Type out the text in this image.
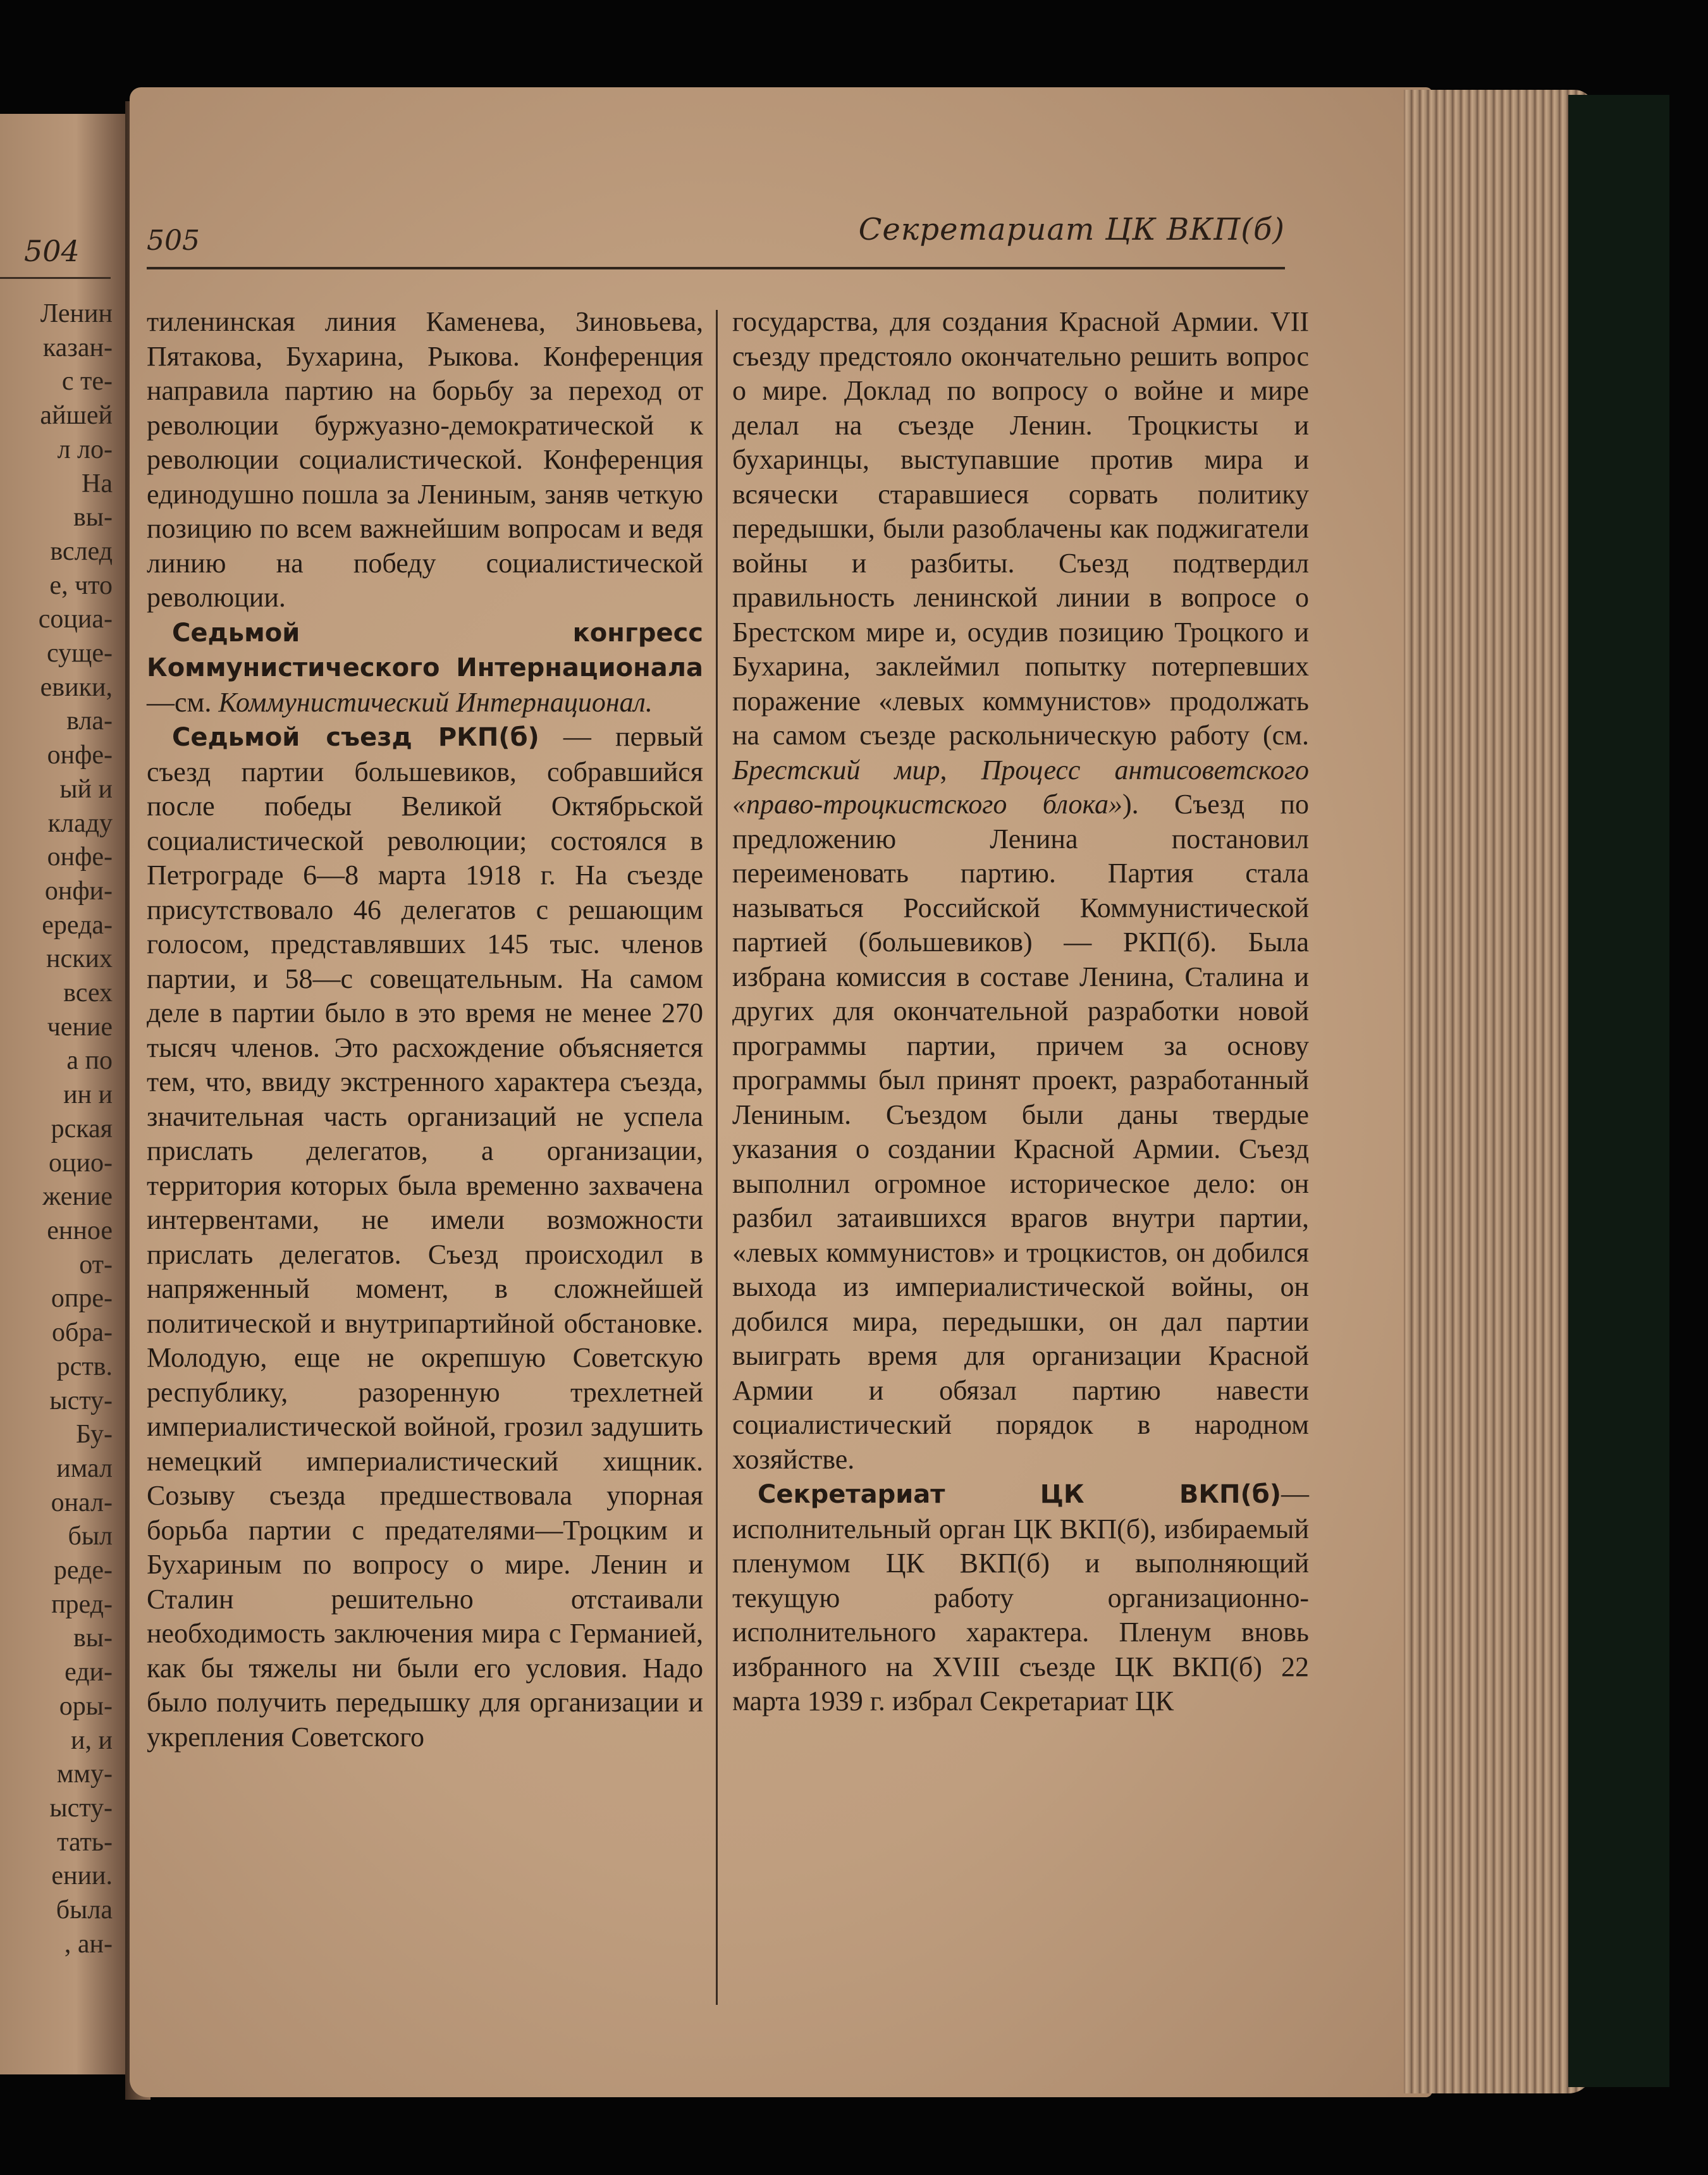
504
Ленин
казан-
с те-
айшей
л ло-
На
вы-
вслед
е, что
социа-
суще-
евики,
вла-
онфе-
ый и
кладу
онфе-
онфи-
ереда-
нских
всех
чение
а по
ин и
рская
оцио-
жение
енное
от-
опре-
обра-
рств.
ысту-
Бу-
имал
онал-
был
реде-
пред-
вы-
еди-
оры-
и, и
мму-
ысту-
тать-
ении.
была
, ан-
505	Секретариат ЦК ВКП(б)

тиленинская линия Каменева, Зиновьева, Пятакова, Бухарина, Рыкова. Конференция направила партию на борьбу за переход от революции буржуазно-демократической к революции социалистической. Конференция единодушно пошла за Лениным, заняв четкую позицию по всем важнейшим вопросам и ведя линию на победу социалистической революции.

Седьмой конгресс Коммунистического Интернационала—см. Коммунистический Интернационал.

Седьмой съезд РКП(б) — первый съезд партии большевиков, собравшийся после победы Великой Октябрьской социалистической революции; состоялся в Петрограде 6—8 марта 1918 г. На съезде присутствовало 46 делегатов с решающим голосом, представлявших 145 тыс. членов партии, и 58—с совещательным. На самом деле в партии было в это время не менее 270 тысяч членов. Это расхождение объясняется тем, что, ввиду экстренного характера съезда, значительная часть организаций не успела прислать делегатов, а организации, территория которых была временно захвачена интервентами, не имели возможности прислать делегатов. Съезд происходил в напряженный момент, в сложнейшей политической и внутрипартийной обстановке. Молодую, еще не окрепшую Советскую республику, разоренную трехлетней империалистической войной, грозил задушить немецкий империалистический хищник. Созыву съезда предшествовала упорная борьба партии с предателями—Троцким и Бухариным по вопросу о мире. Ленин и Сталин решительно отстаивали необходимость заключения мира с Германией, как бы тяжелы ни были его условия. Надо было получить передышку для организации и укрепления Советского

государства, для создания Красной Армии. VII съезду предстояло окончательно решить вопрос о мире. Доклад по вопросу о войне и мире делал на съезде Ленин. Троцкисты и бухаринцы, выступавшие против мира и всячески старавшиеся сорвать политику передышки, были разоблачены как поджигатели войны и разбиты. Съезд подтвердил правильность ленинской линии в вопросе о Брестском мире и, осудив позицию Троцкого и Бухарина, заклеймил попытку потерпевших поражение «левых коммунистов» продолжать на самом съезде раскольническую работу (см. Брестский мир, Процесс антисоветского «право-троцкистского блока»). Съезд по предложению Ленина постановил переименовать партию. Партия стала называться Российской Коммунистической партией (большевиков) — РКП(б). Была избрана комиссия в составе Ленина, Сталина и других для окончательной разработки новой программы партии, причем за основу программы был принят проект, разработанный Лениным. Съездом были даны твердые указания о создании Красной Армии. Съезд выполнил огромное историческое дело: он разбил затаившихся врагов внутри партии, «левых коммунистов» и троцкистов, он добился выхода из империалистической войны, он добился мира, передышки, он дал партии выиграть время для организации Красной Армии и обязал партию навести социалистический порядок в народном хозяйстве.

Секретариат ЦК ВКП(б)—исполнительный орган ЦК ВКП(б), избираемый пленумом ЦК ВКП(б) и выполняющий текущую работу организационно-исполнительного характера. Пленум вновь избранного на XVIII съезде ЦК ВКП(б) 22 марта 1939 г. избрал Секретариат ЦК
